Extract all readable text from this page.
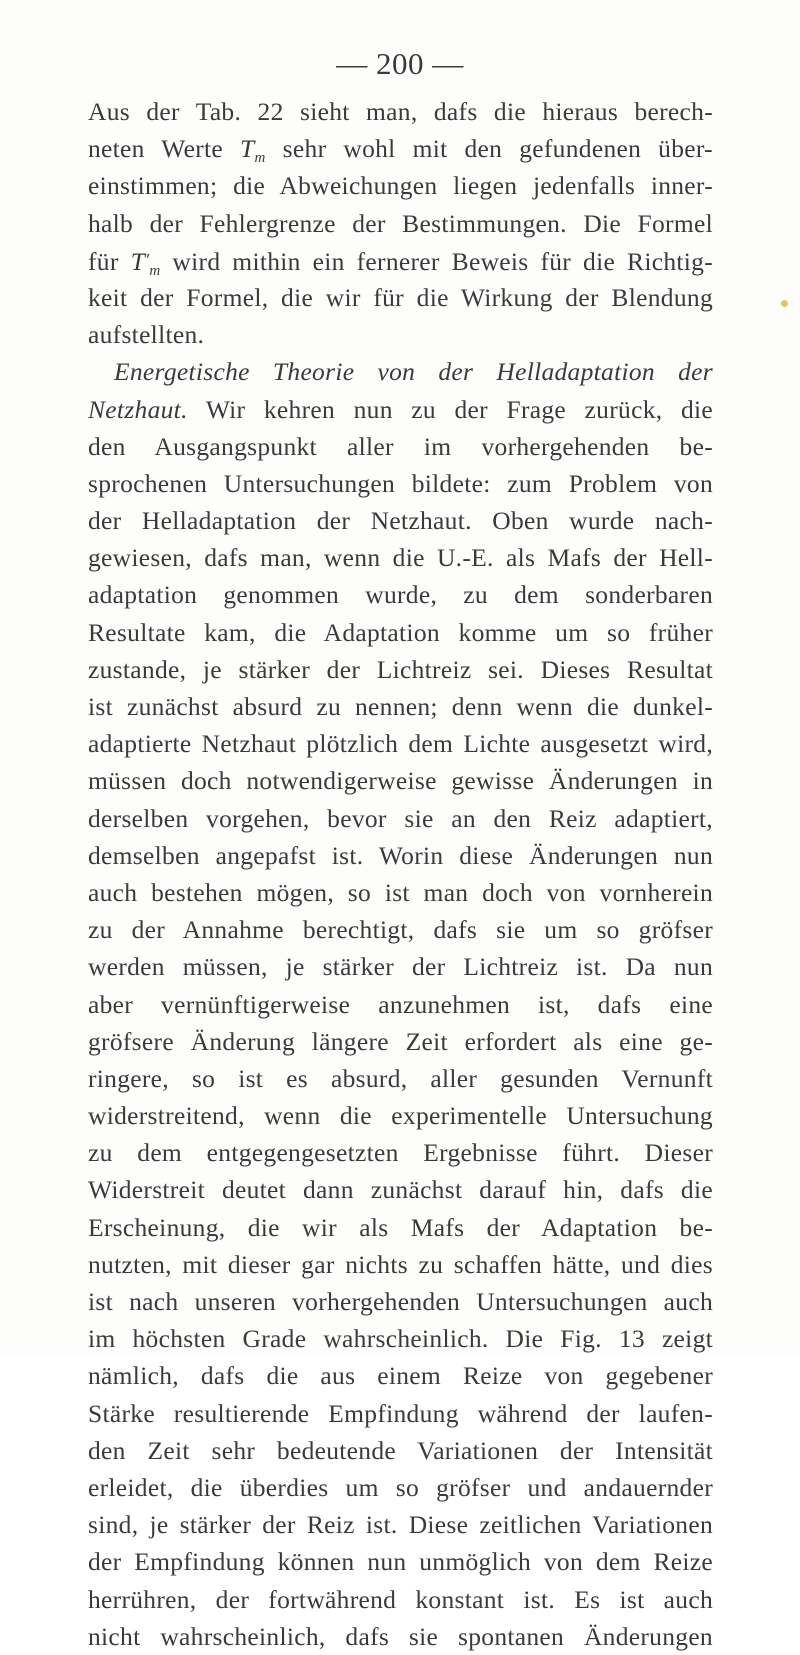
— 200 —
Aus der Tab. 22 sieht man, dafs die hieraus berech-
neten Werte $T_m$ sehr wohl mit den gefundenen über-
einstimmen; die Abweichungen liegen jedenfalls inner-
halb der Fehlergrenze der Bestimmungen. Die Formel
für $T'_m$ wird mithin ein fernerer Beweis für die Richtig-
keit der Formel, die wir für die Wirkung der Blendung
aufstellten.
Energetische Theorie von der Helladaptation der
Netzhaut. Wir kehren nun zu der Frage zurück, die
den Ausgangspunkt aller im vorhergehenden be-
sprochenen Untersuchungen bildete: zum Problem von
der Helladaptation der Netzhaut. Oben wurde nach-
gewiesen, dafs man, wenn die U.-E. als Mafs der Hell-
adaptation genommen wurde, zu dem sonderbaren
Resultate kam, die Adaptation komme um so früher
zustande, je stärker der Lichtreiz sei. Dieses Resultat
ist zunächst absurd zu nennen; denn wenn die dunkel-
adaptierte Netzhaut plötzlich dem Lichte ausgesetzt wird,
müssen doch notwendigerweise gewisse Änderungen in
derselben vorgehen, bevor sie an den Reiz adaptiert,
demselben angepafst ist. Worin diese Änderungen nun
auch bestehen mögen, so ist man doch von vornherein
zu der Annahme berechtigt, dafs sie um so gröfser
werden müssen, je stärker der Lichtreiz ist. Da nun
aber vernünftigerweise anzunehmen ist, dafs eine
gröfsere Änderung längere Zeit erfordert als eine ge-
ringere, so ist es absurd, aller gesunden Vernunft
widerstreitend, wenn die experimentelle Untersuchung
zu dem entgegengesetzten Ergebnisse führt. Dieser
Widerstreit deutet dann zunächst darauf hin, dafs die
Erscheinung, die wir als Mafs der Adaptation be-
nutzten, mit dieser gar nichts zu schaffen hätte, und dies
ist nach unseren vorhergehenden Untersuchungen auch
im höchsten Grade wahrscheinlich. Die Fig. 13 zeigt
nämlich, dafs die aus einem Reize von gegebener
Stärke resultierende Empfindung während der laufen-
den Zeit sehr bedeutende Variationen der Intensität
erleidet, die überdies um so gröfser und andauernder
sind, je stärker der Reiz ist. Diese zeitlichen Variationen
der Empfindung können nun unmöglich von dem Reize
herrühren, der fortwährend konstant ist. Es ist auch
nicht wahrscheinlich, dafs sie spontanen Änderungen
